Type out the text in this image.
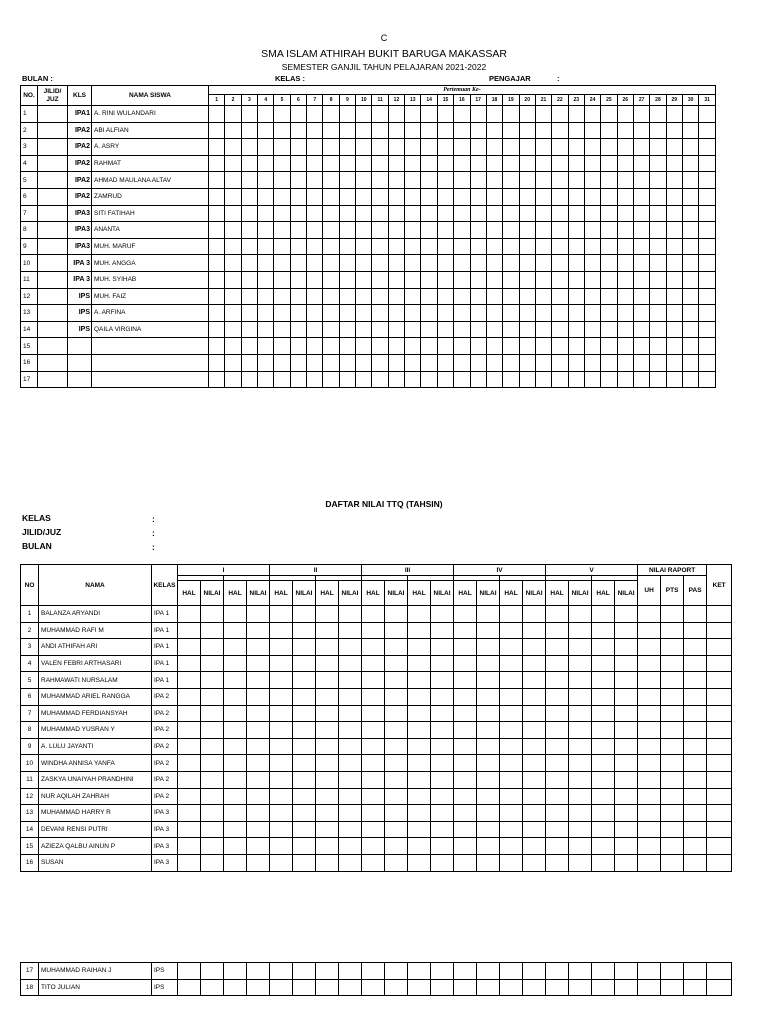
C
SMA ISLAM ATHIRAH BUKIT BARUGA MAKASSAR
SEMESTER GANJIL TAHUN PELAJARAN 2021-2022
BULAN :	KELAS :	PENGAJAR	:
NO.	JILID/ JUZ	KLS	NAMA SISWA	Pertemuan Ke-																														
				1	2	3	4	5	6	7	8	9	10	11	12	13	14	15	16	17	18	19	20	21	22	23	24	25	26	27	28	29	30	31
1		IPA1	A. RINI WULANDARI																															
2		IPA2	ABI ALFIAN																															
3		IPA2	A. ASRY																															
4		IPA2	RAHMAT																															
5		IPA2	AHMAD MAULANA ALTAV																															
6		IPA2	ZAMRUD																															
7		IPA3	SITI FATIHAH																															
8		IPA3	ANANTA																															
9		IPA3	MUH. MARUF																															
10		IPA 3	MUH. ANGGA																															
11		IPA 3	MUH. SYIHAB																															
12		IPS	MUH. FAIZ																															
13		IPS	A. ARFINA																															
14		IPS	QAILA VIRGINA																															
15																																		
16																																		
17																																		
DAFTAR NILAI TTQ (TAHSIN)
KELAS	:
JILID/JUZ	:
BULAN	:
NO	NAMA	KELAS	I				II				III				IV				V				NILAI RAPORT			KET
																							UH	PTS	PAS	
			HAL	NILAI	HAL	NILAI	HAL	NILAI	HAL	NILAI	HAL	NILAI	HAL	NILAI	HAL	NILAI	HAL	NILAI	HAL	NILAI	HAL	NILAI				
1	BALANZA ARYANDI	IPA 1																								
2	MUHAMMAD RAFI M	IPA 1																								
3	ANDI ATHIFAH ARI	IPA 1																								
4	VALEN FEBRI ARTHASARI	IPA 1																								
5	RAHMAWATI NURSALAM	IPA 1																								
6	MUHAMMAD ARIEL RANGGA	IPA 2																								
7	MUHAMMAD FERDIANSYAH	IPA 2																								
8	MUHAMMAD YUSRAN Y	IPA 2																								
9	A. LULU JAYANTI	IPA 2																								
10	WINDHA ANNISA YANFA	IPA 2																								
11	ZASKYA UNAIYAH PRANDHINI	IPA 2																								
12	NUR AQILAH ZAHRAH	IPA 2																								
13	MUHAMMAD HARRY R	IPA 3																								
14	DEVANI RENSI PUTRI	IPA 3																								
15	AZIEZA QALBU AINUN P	IPA 3																								
16	SUSAN	IPA 3																								
17	MUHAMMAD RAIHAN J	IPS																								
18	TITO JULIAN	IPS																								
